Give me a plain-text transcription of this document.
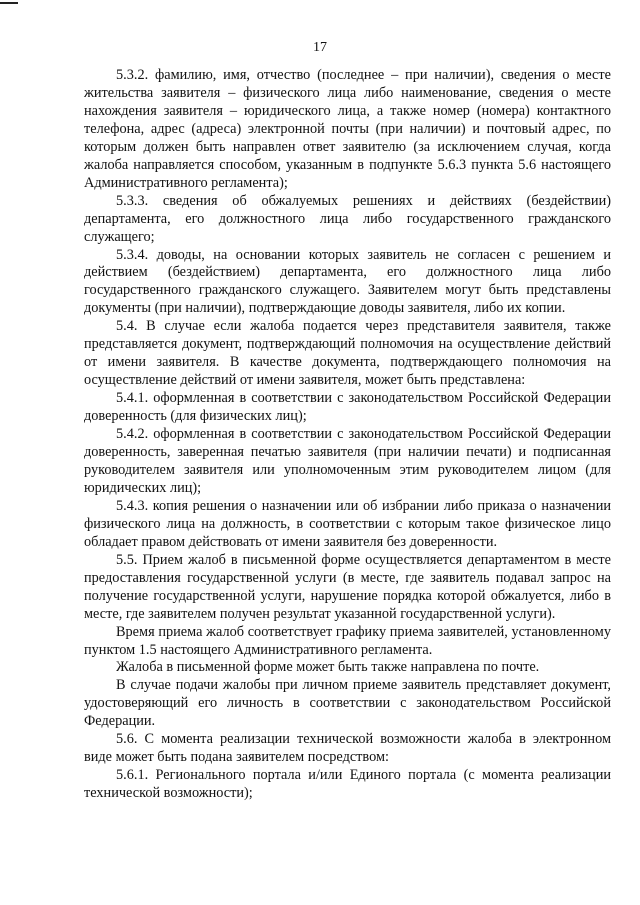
17

5.3.2. фамилию, имя, отчество (последнее – при наличии), сведения о месте жительства заявителя – физического лица либо наименование, сведения о месте нахождения заявителя – юридического лица, а также номер (номера) контактного телефона, адрес (адреса) электронной почты (при наличии) и почтовый адрес, по которым должен быть направлен ответ заявителю (за исключением случая, когда жалоба направляется способом, указанным в подпункте 5.6.3 пункта 5.6 настоящего Административного регламента);

5.3.3. сведения об обжалуемых решениях и действиях (бездействии) департамента, его должностного лица либо государственного гражданского служащего;

5.3.4. доводы, на основании которых заявитель не согласен с решением и действием (бездействием) департамента, его должностного лица либо государственного гражданского служащего. Заявителем могут быть представлены документы (при наличии), подтверждающие доводы заявителя, либо их копии.

5.4. В случае если жалоба подается через представителя заявителя, также представляется документ, подтверждающий полномочия на осуществление действий от имени заявителя. В качестве документа, подтверждающего полномочия на осуществление действий от имени заявителя, может быть представлена:

5.4.1. оформленная в соответствии с законодательством Российской Федерации доверенность (для физических лиц);

5.4.2. оформленная в соответствии с законодательством Российской Федерации доверенность, заверенная печатью заявителя (при наличии печати) и подписанная руководителем заявителя или уполномоченным этим руководителем лицом (для юридических лиц);

5.4.3. копия решения о назначении или об избрании либо приказа о назначении физического лица на должность, в соответствии с которым такое физическое лицо обладает правом действовать от имени заявителя без доверенности.

5.5. Прием жалоб в письменной форме осуществляется департаментом в месте предоставления государственной услуги (в месте, где заявитель подавал запрос на получение государственной услуги, нарушение порядка которой обжалуется, либо в месте, где заявителем получен результат указанной государственной услуги).

Время приема жалоб соответствует графику приема заявителей, установленному пунктом 1.5 настоящего Административного регламента.

Жалоба в письменной форме может быть также направлена по почте.

В случае подачи жалобы при личном приеме заявитель представляет документ, удостоверяющий его личность в соответствии с законодательством Российской Федерации.

5.6. С момента реализации технической возможности жалоба в электронном виде может быть подана заявителем посредством:

5.6.1. Регионального портала и/или Единого портала (с момента реализации технической возможности);
